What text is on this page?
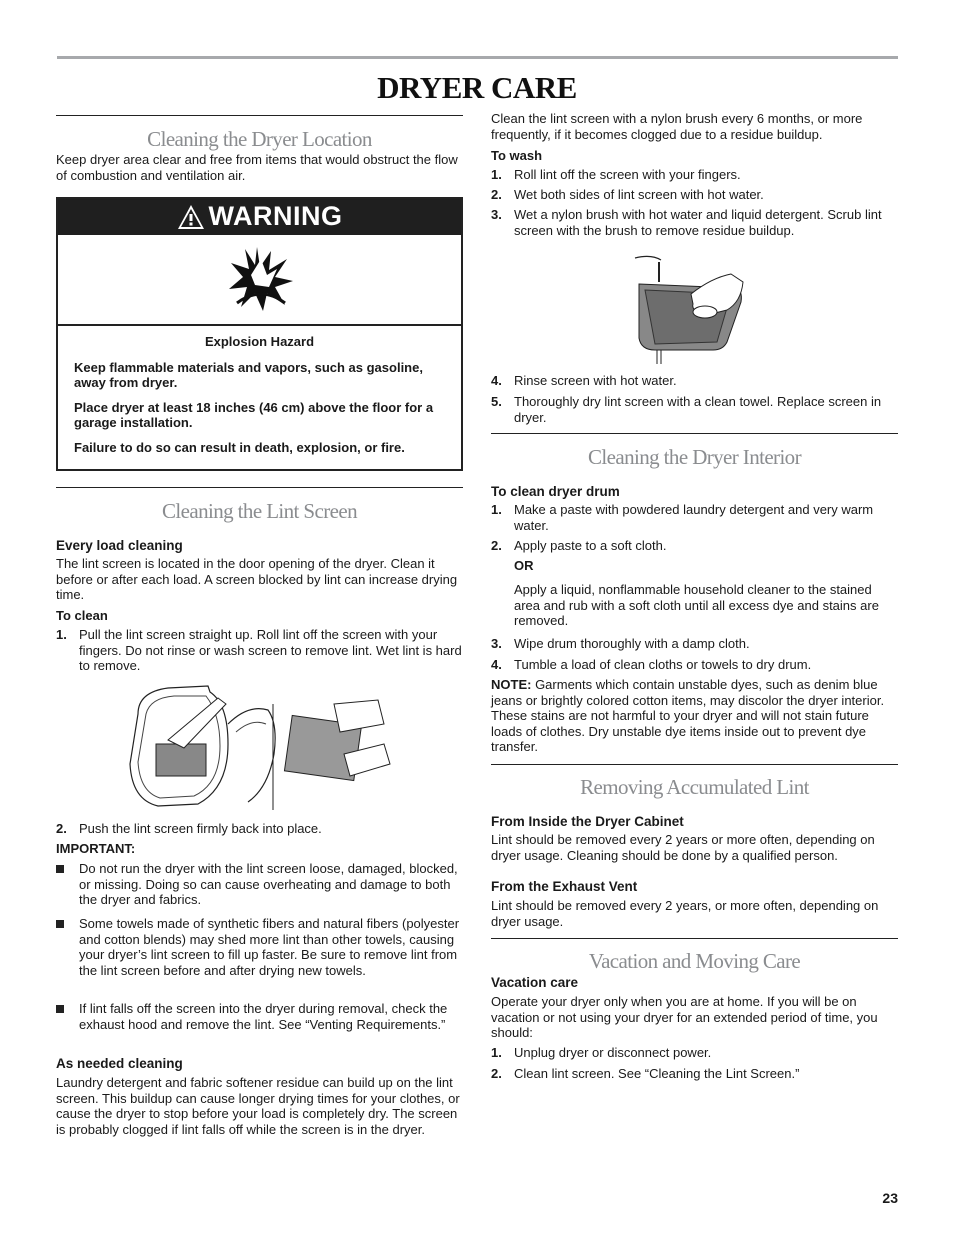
DRYER CARE
Cleaning the Dryer Location

Keep dryer area clear and free from items that would obstruct the flow of combustion and ventilation air.

WARNING
Explosion Hazard

Keep flammable materials and vapors, such as gasoline, away from dryer.

Place dryer at least 18 inches (46 cm) above the floor for a garage installation.

Failure to do so can result in death, explosion, or fire.

Cleaning the Lint Screen
Every load cleaning

The lint screen is located in the door opening of the dryer. Clean it before or after each load. A screen blocked by lint can increase drying time.

To clean
1. Pull the lint screen straight up. Roll lint off the screen with your fingers. Do not rinse or wash screen to remove lint. Wet lint is hard to remove.
2. Push the lint screen firmly back into place.
IMPORTANT:
Do not run the dryer with the lint screen loose, damaged, blocked, or missing. Doing so can cause overheating and damage to both the dryer and fabrics.
Some towels made of synthetic fibers and natural fibers (polyester and cotton blends) may shed more lint than other towels, causing your dryer’s lint screen to fill up faster. Be sure to remove lint from the lint screen before and after drying new towels.
If lint falls off the screen into the dryer during removal, check the exhaust hood and remove the lint. See “Venting Requirements.”
As needed cleaning

Laundry detergent and fabric softener residue can build up on the lint screen. This buildup can cause longer drying times for your clothes, or cause the dryer to stop before your load is completely dry. The screen is probably clogged if lint falls off while the screen is in the dryer.

Clean the lint screen with a nylon brush every 6 months, or more frequently, if it becomes clogged due to a residue buildup.

To wash
1. Roll lint off the screen with your fingers.
2. Wet both sides of lint screen with hot water.
3. Wet a nylon brush with hot water and liquid detergent. Scrub lint screen with the brush to remove residue buildup.
4. Rinse screen with hot water.
5. Thoroughly dry lint screen with a clean towel. Replace screen in dryer.
Cleaning the Dryer Interior
To clean dryer drum
1. Make a paste with powdered laundry detergent and very warm water.
2. Apply paste to a soft cloth.
OR

Apply a liquid, nonflammable household cleaner to the stained area and rub with a soft cloth until all excess dye and stains are removed.

3. Wipe drum thoroughly with a damp cloth.
4. Tumble a load of clean cloths or towels to dry drum.

NOTE: Garments which contain unstable dyes, such as denim blue jeans or brightly colored cotton items, may discolor the dryer interior. These stains are not harmful to your dryer and will not stain future loads of clothes. Dry unstable dye items inside out to prevent dye transfer.

Removing Accumulated Lint
From Inside the Dryer Cabinet

Lint should be removed every 2 years or more often, depending on dryer usage. Cleaning should be done by a qualified person.

From the Exhaust Vent

Lint should be removed every 2 years, or more often, depending on dryer usage.

Vacation and Moving Care
Vacation care

Operate your dryer only when you are at home. If you will be on vacation or not using your dryer for an extended period of time, you should:

1. Unplug dryer or disconnect power.
2. Clean lint screen. See “Cleaning the Lint Screen.”
23
